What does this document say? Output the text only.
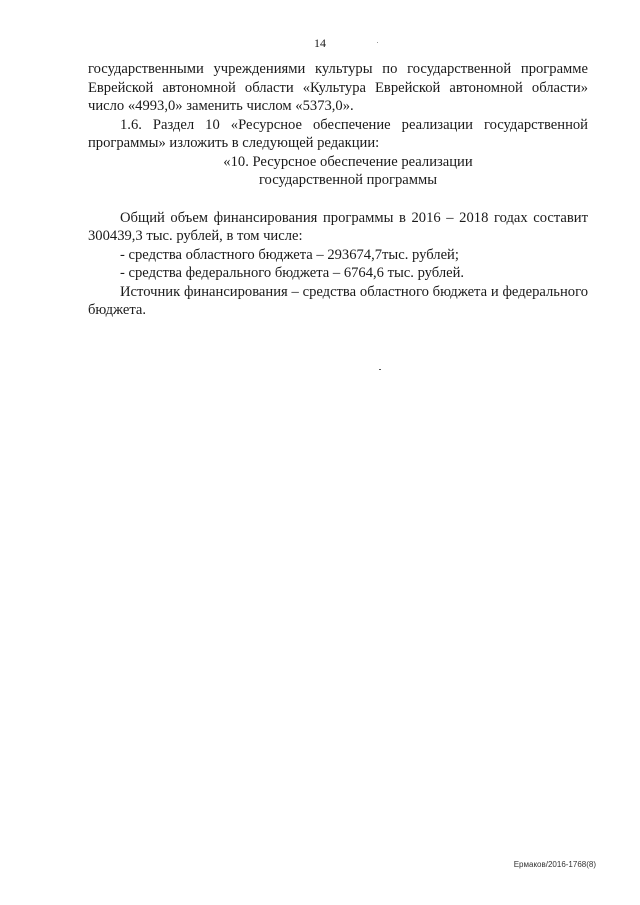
14

государственными учреждениями культуры по государственной программе Еврейской автономной области «Культура Еврейской автономной области» число «4993,0» заменить числом «5373,0».

1.6. Раздел 10 «Ресурсное обеспечение реализации государственной программы» изложить в следующей редакции:

«10. Ресурсное обеспечение реализации

государственной программы

Общий объем финансирования программы в 2016 – 2018 годах составит 300439,3 тыс. рублей, в том числе:

- средства областного бюджета – 293674,7тыс. рублей;

- средства федерального бюджета – 6764,6 тыс. рублей.

Источник финансирования – средства областного бюджета и федерального бюджета.

Ермаков/2016-1768(8)
